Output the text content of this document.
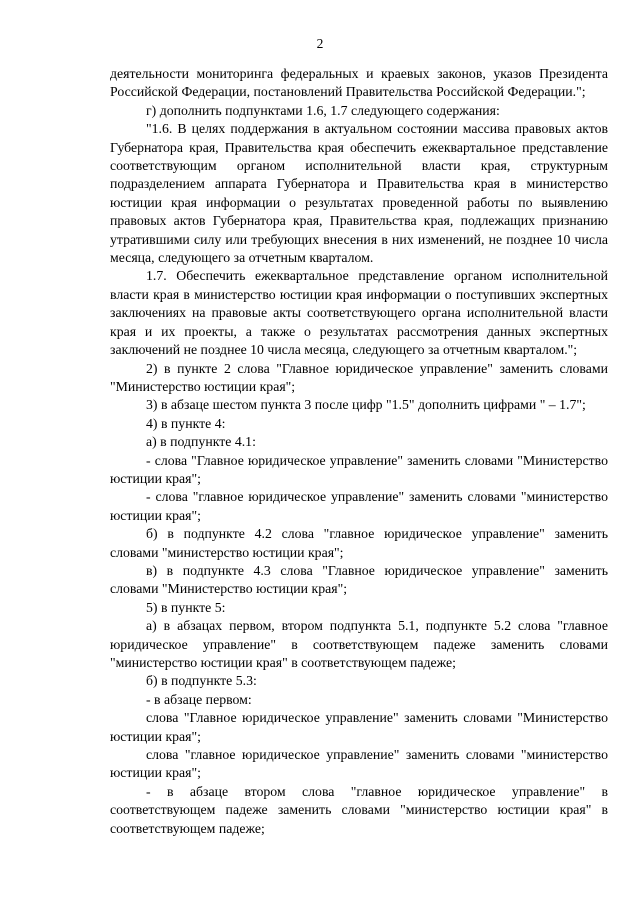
2

деятельности мониторинга федеральных и краевых законов, указов Президента Российской Федерации, постановлений Правительства Российской Федерации.";

г) дополнить подпунктами 1.6, 1.7 следующего содержания:

"1.6. В целях поддержания в актуальном состоянии массива правовых актов Губернатора края, Правительства края обеспечить ежеквартальное представление соответствующим органом исполнительной власти края, структурным подразделением аппарата Губернатора и Правительства края в министерство юстиции края информации о результатах проведенной работы по выявлению правовых актов Губернатора края, Правительства края, подлежащих признанию утратившими силу или требующих внесения в них изменений, не позднее 10 числа месяца, следующего за отчетным кварталом.

1.7. Обеспечить ежеквартальное представление органом исполнительной власти края в министерство юстиции края информации о поступивших экспертных заключениях на правовые акты соответствующего органа исполнительной власти края и их проекты, а также о результатах рассмотрения данных экспертных заключений не позднее 10 числа месяца, следующего за отчетным кварталом.";

2) в пункте 2 слова "Главное юридическое управление" заменить словами "Министерство юстиции края";

3) в абзаце шестом пункта 3 после цифр "1.5" дополнить цифрами " – 1.7";

4) в пункте 4:

а) в подпункте 4.1:

- слова "Главное юридическое управление" заменить словами "Министерство юстиции края";

- слова "главное юридическое управление" заменить словами "министерство юстиции края";

б) в подпункте 4.2 слова "главное юридическое управление" заменить словами "министерство юстиции края";

в) в подпункте 4.3 слова "Главное юридическое управление" заменить словами "Министерство юстиции края";

5) в пункте 5:

а) в абзацах первом, втором подпункта 5.1, подпункте 5.2 слова "главное юридическое управление" в соответствующем падеже заменить словами "министерство юстиции края" в соответствующем падеже;

б) в подпункте 5.3:

- в абзаце первом:

слова "Главное юридическое управление" заменить словами "Министерство юстиции края";

слова "главное юридическое управление" заменить словами "министерство юстиции края";

- в абзаце втором слова "главное юридическое управление" в соответствующем падеже заменить словами "министерство юстиции края" в соответствующем падеже;
